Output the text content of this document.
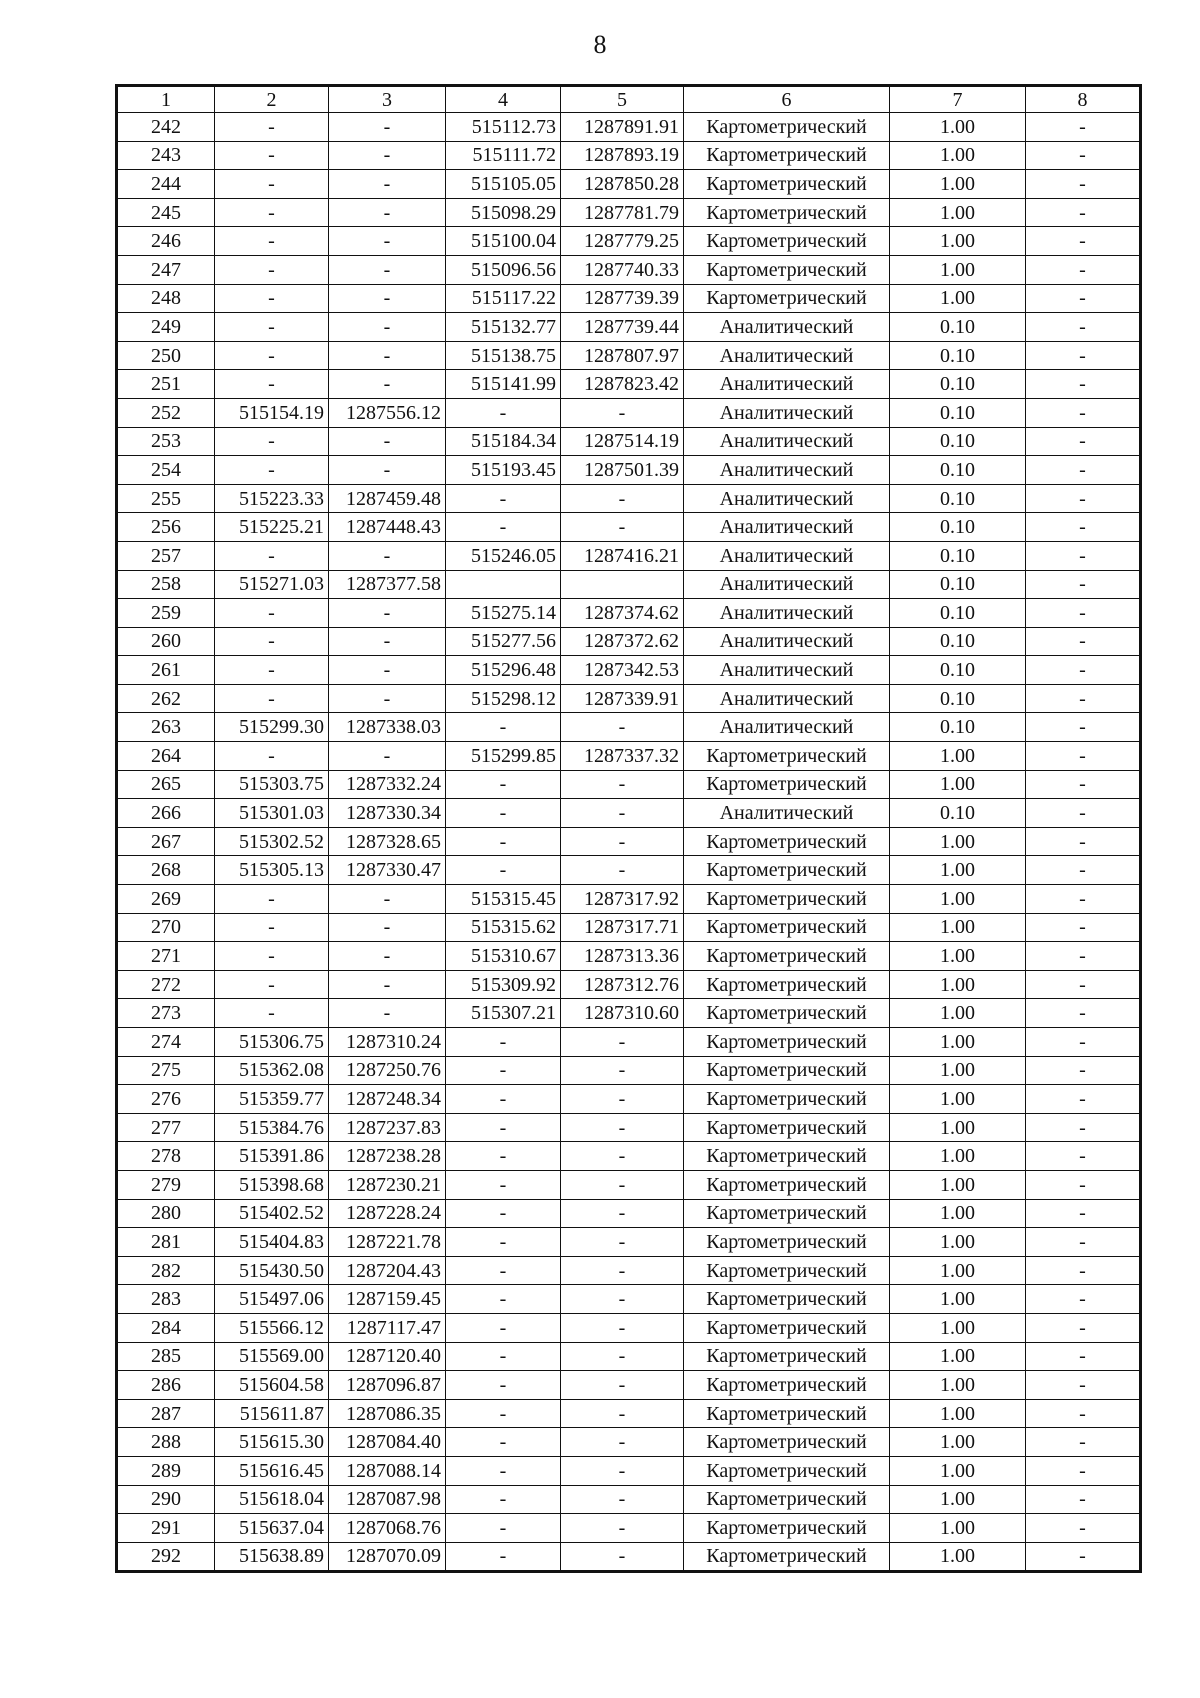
8
1	2	3	4	5	6	7	8
242	-	-	515112.73	1287891.91	Картометрический	1.00	-
243	-	-	515111.72	1287893.19	Картометрический	1.00	-
244	-	-	515105.05	1287850.28	Картометрический	1.00	-
245	-	-	515098.29	1287781.79	Картометрический	1.00	-
246	-	-	515100.04	1287779.25	Картометрический	1.00	-
247	-	-	515096.56	1287740.33	Картометрический	1.00	-
248	-	-	515117.22	1287739.39	Картометрический	1.00	-
249	-	-	515132.77	1287739.44	Аналитический	0.10	-
250	-	-	515138.75	1287807.97	Аналитический	0.10	-
251	-	-	515141.99	1287823.42	Аналитический	0.10	-
252	515154.19	1287556.12	-	-	Аналитический	0.10	-
253	-	-	515184.34	1287514.19	Аналитический	0.10	-
254	-	-	515193.45	1287501.39	Аналитический	0.10	-
255	515223.33	1287459.48	-	-	Аналитический	0.10	-
256	515225.21	1287448.43	-	-	Аналитический	0.10	-
257	-	-	515246.05	1287416.21	Аналитический	0.10	-
258	515271.03	1287377.58			Аналитический	0.10	-
259	-	-	515275.14	1287374.62	Аналитический	0.10	-
260	-	-	515277.56	1287372.62	Аналитический	0.10	-
261	-	-	515296.48	1287342.53	Аналитический	0.10	-
262	-	-	515298.12	1287339.91	Аналитический	0.10	-
263	515299.30	1287338.03	-	-	Аналитический	0.10	-
264	-	-	515299.85	1287337.32	Картометрический	1.00	-
265	515303.75	1287332.24	-	-	Картометрический	1.00	-
266	515301.03	1287330.34	-	-	Аналитический	0.10	-
267	515302.52	1287328.65	-	-	Картометрический	1.00	-
268	515305.13	1287330.47	-	-	Картометрический	1.00	-
269	-	-	515315.45	1287317.92	Картометрический	1.00	-
270	-	-	515315.62	1287317.71	Картометрический	1.00	-
271	-	-	515310.67	1287313.36	Картометрический	1.00	-
272	-	-	515309.92	1287312.76	Картометрический	1.00	-
273	-	-	515307.21	1287310.60	Картометрический	1.00	-
274	515306.75	1287310.24	-	-	Картометрический	1.00	-
275	515362.08	1287250.76	-	-	Картометрический	1.00	-
276	515359.77	1287248.34	-	-	Картометрический	1.00	-
277	515384.76	1287237.83	-	-	Картометрический	1.00	-
278	515391.86	1287238.28	-	-	Картометрический	1.00	-
279	515398.68	1287230.21	-	-	Картометрический	1.00	-
280	515402.52	1287228.24	-	-	Картометрический	1.00	-
281	515404.83	1287221.78	-	-	Картометрический	1.00	-
282	515430.50	1287204.43	-	-	Картометрический	1.00	-
283	515497.06	1287159.45	-	-	Картометрический	1.00	-
284	515566.12	1287117.47	-	-	Картометрический	1.00	-
285	515569.00	1287120.40	-	-	Картометрический	1.00	-
286	515604.58	1287096.87	-	-	Картометрический	1.00	-
287	515611.87	1287086.35	-	-	Картометрический	1.00	-
288	515615.30	1287084.40	-	-	Картометрический	1.00	-
289	515616.45	1287088.14	-	-	Картометрический	1.00	-
290	515618.04	1287087.98	-	-	Картометрический	1.00	-
291	515637.04	1287068.76	-	-	Картометрический	1.00	-
292	515638.89	1287070.09	-	-	Картометрический	1.00	-
